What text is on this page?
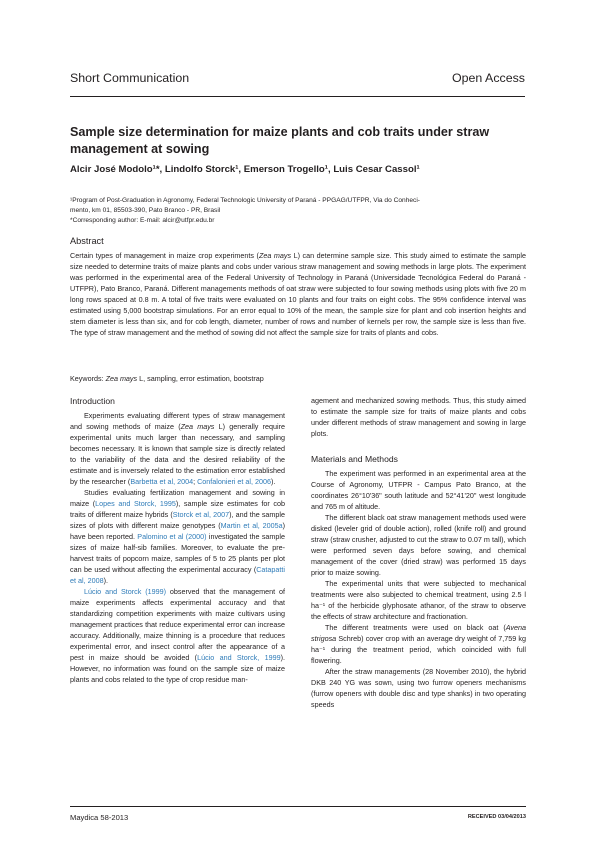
Short Communication	Open Access
Sample size determination for maize plants and cob traits under straw management at sowing

Alcir José Modolo¹*, Lindolfo Storck¹, Emerson Trogello¹, Luis Cesar Cassol¹

¹Program of Post-Graduation in Agronomy, Federal Technologic University of Paraná - PPGAG/UTFPR, Via do Conheci-

mento, km 01, 85503-390, Pato Branco - PR, Brasil

*Corresponding author: E-mail: alcir@utfpr.edu.br

Abstract

Certain types of management in maize crop experiments (Zea mays L) can determine sample size. This study aimed to estimate the sample size needed to determine traits of maize plants and cobs under various straw management and sowing methods in large plots. The experiment was performed in the experimental area of the Federal University of Technology in Paraná (Universidade Tecnológica Federal do Paraná - UTFPR), Pato Branco, Paraná. Different managements methods of oat straw were subjected to four sowing methods using plots with five 20 m long rows spaced at 0.8 m. A total of five traits were evaluated on 10 plants and four traits on eight cobs. The 95% confidence interval was estimated using 5,000 bootstrap simulations. For an error equal to 10% of the mean, the sample size for plant and cob insertion heights and stem diameter is less than six, and for cob length, diameter, number of rows and number of kernels per row, the sample size is less than five. The type of straw management and the method of sowing did not affect the sample size for traits of plants and cobs.

Keywords: Zea mays L, sampling, error estimation, bootstrap

Introduction

Experiments evaluating different types of straw management and sowing methods of maize (Zea mays L) generally require experimental units much larger than necessary, and sampling becomes necessary. It is known that sample size is directly related to the variability of the data and the desired reliability of the estimate and is inversely related to the estimation error established by the researcher (Barbetta et al, 2004; Confalonieri et al, 2006).

Studies evaluating fertilization management and sowing in maize (Lopes and Storck, 1995), sample size estimates for cob traits of different maize hybrids (Storck et al, 2007), and the sample sizes of plots with different maize genotypes (Martin et al, 2005a) have been reported. Palomino et al (2000) investigated the sample sizes of maize half-sib families. Moreover, to evaluate the pre-harvest traits of popcorn maize, samples of 5 to 25 plants per plot can be used without affecting the experimental accuracy (Catapatti et al, 2008).

Lúcio and Storck (1999) observed that the management of maize experiments affects experimental accuracy and that standardizing competition experiments with maize cultivars using management practices that reduce experimental error can increase accuracy. Additionally, maize thinning is a procedure that reduces experimental error, and insect control after the appearance of a pest in maize should be avoided (Lúcio and Storck, 1999). However, no information was found on the sample size of maize plants and cobs related to the type of crop residue man-

agement and mechanized sowing methods. Thus, this study aimed to estimate the sample size for traits of maize plants and cobs under different methods of straw management and sowing in large plots.

Materials and Methods

The experiment was performed in an experimental area at the Course of Agronomy, UTFPR - Campus Pato Branco, at the coordinates 26°10'36" south latitude and 52°41'20" west longitude and 765 m of altitude.

The different black oat straw management methods used were disked (leveler grid of double action), rolled (knife roll) and ground straw (straw crusher, adjusted to cut the straw to 0.07 m tall), which were performed seven days before sowing, and chemical management of the cover (dried straw) was performed 15 days prior to maize sowing.

The experimental units that were subjected to mechanical treatments were also subjected to chemical treatment, using 2.5 l ha⁻¹ of the herbicide glyphosate athanor, of the straw to observe the effects of straw architecture and fractionation.

The different treatments were used on black oat (Avena strigosa Schreb) cover crop with an average dry weight of 7,759 kg ha⁻¹ during the treatment period, which coincided with full flowering.

After the straw managements (28 November 2010), the hybrid DKB 240 YG was sown, using two furrow openers mechanisms (furrow openers with double disc and type shanks) in two operating speeds

Maydica 58-2013	RECEIVED 03/04/2013
